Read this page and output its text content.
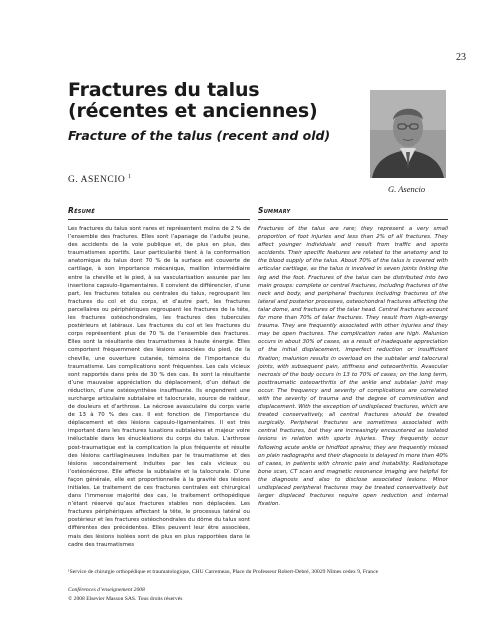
23
Fractures du talus (récentes et anciennes)
Fracture of the talus (recent and old)
G. ASENCIO $^1$
G. Asencio
Résumé	Summary
Les fractures du talus sont rares et représentent moins de 2 % de l’ensemble des fractures. Elles sont l’apanage de l’adulte jeune, des accidents de la voie publique et, de plus en plus, des traumatismes sportifs. Leur particularité tient à la conformation anatomique du talus dont 70 % de la surface est couverte de cartilage, à son importance mécanique, maillon intermédiaire entre la cheville et le pied, à sa vascularisation assurée par les insertions capsulo-ligamentaires. Il convient de différencier, d’une part, les fractures totales ou centrales du talus, regroupant les fractures du col et du corps, et d’autre part, les fractures parcellaires ou périphériques regroupant les fractures de la tête, les fractures ostéochondrales, les fractures des tubercules postérieurs et latéraux. Les fractures du col et les fractures du corps représentent plus de 70 % de l’ensemble des fractures. Elles sont la résultante des traumatismes à haute énergie. Elles comportent fréquemment des lésions associées du pied, de la cheville, une ouverture cutanée, témoins de l’importance du traumatisme. Les complications sont fréquentes. Les cals vicieux sont rapportés dans près de 30 % des cas. Ils sont la résultante d’une mauvaise appréciation du déplacement, d’un défaut de réduction, d’une ostéosynthèse insuffisante. Ils engendrent une surcharge articulaire subtalaire et talocrurale, source de raideur, de douleurs et d’arthrose. La nécrose avasculaire du corps varie de 13 à 70 % des cas. Il est fonction de l’importance du déplacement et des lésions capsulo-ligamentaires. Il est très important dans les fractures luxations subtalaires et majeur voire inéluctable dans les énucléations du corps du talus. L’arthrose post-traumatique est la complication la plus fréquente et résulte des lésions cartilagineuses induites par le traumatisme et des lésions secondairement induites par les cals vicieux ou l’ostéonécrose. Elle affecte la subtalaire et la talocrurale. D’une façon générale, elle est proportionnelle à la gravité des lésions initiales. Le traitement de ces fractures centrales est chirurgical dans l’immense majorité des cas, le traitement orthopédique n’étant réservé qu’aux fractures stables non déplacées. Les fractures périphériques affectant la tête, le processus latéral ou postérieur et les fractures ostéochondrales du dôme du talus sont différentes des précédentes. Elles peuvent leur être associées, mais des lésions isolées sont de plus en plus rapportées dans le cadre des traumatismes
Fractures of the talus are rare; they represent a very small proportion of foot injuries and less than 2% of all fractures. They affect younger individuals and result from traffic and sports accidents. Their specific features are related to the anatomy and to the blood supply of the talus. About 70% of the talus is covered with articular cartilage, as the talus is involved in seven joints linking the leg and the foot. Fractures of the talus can be distributed into two main groups: complete or central fractures, including fractures of the neck and body, and peripheral fractures including fractures of the lateral and posterior processes, osteochondral fractures affecting the talar dome, and fractures of the talar head. Central fractures account for more than 70% of talar fractures. They result from high-energy trauma. They are frequently associated with other injuries and they may be open fractures. The complication rates are high. Malunion occurs in about 30% of cases, as a result of inadequate appreciation of the initial displacement, imperfect reduction or insufficient fixation; malunion results in overload on the subtalar and talocrural joints, with subsequent pain, stiffness and osteoarthritis. Avascular necrosis of the body occurs in 13 to 70% of cases; on the long term, posttraumatic osteoarthritis of the ankle and subtalar joint may occur. The frequency and severity of complications are correlated with the severity of trauma and the degree of comminution and displacement. With the exception of undisplaced fractures, which are treated conservatively, all central fractures should be treated surgically. Peripheral fractures are sometimes associated with central fractures, but they are increasingly encountered as isolated lesions in relation with sports injuries. They frequently occur following acute ankle or hindfoot sprains; they are frequently missed on plain radiographs and their diagnosis is delayed in more than 40% of cases, in patients with chronic pain and instability. Radioisotope bone scan, CT scan and magnetic resonance imaging are helpful for the diagnosis and also to disclose associated lesions. Minor undisplaced peripheral fractures may be treated conservatively but larger displaced fractures require open reduction and internal fixation.
¹Service de chirurgie orthopédique et traumatologique, CHU Carremeau, Place du Professeur Robert-Debré, 30029 Nîmes cedex 9, France
Conférences d’enseignement 2008
© 2008 Elsevier Masson SAS. Tous droits réservés
